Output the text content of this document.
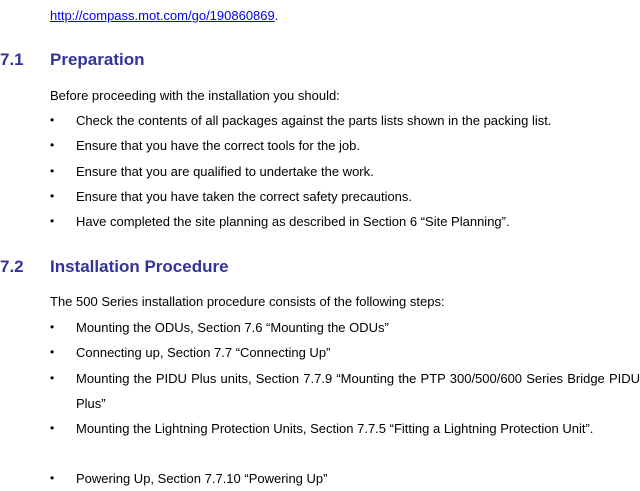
http://compass.mot.com/go/190860869.
7.1 Preparation
Before proceeding with the installation you should:
• Check the contents of all packages against the parts lists shown in the packing list.
• Ensure that you have the correct tools for the job.
• Ensure that you are qualified to undertake the work.
• Ensure that you have taken the correct safety precautions.
• Have completed the site planning as described in Section 6 “Site Planning”.
7.2 Installation Procedure
The 500 Series installation procedure consists of the following steps:
• Mounting the ODUs, Section 7.6 “Mounting the ODUs”
• Connecting up, Section 7.7 “Connecting Up”
• Mounting the PIDU Plus units, Section 7.7.9 “Mounting the PTP 300/500/600 Series Bridge PIDU Plus”
• Mounting the Lightning Protection Units, Section 7.7.5 “Fitting a Lightning Protection Unit”.
• Powering Up, Section 7.7.10 “Powering Up”
